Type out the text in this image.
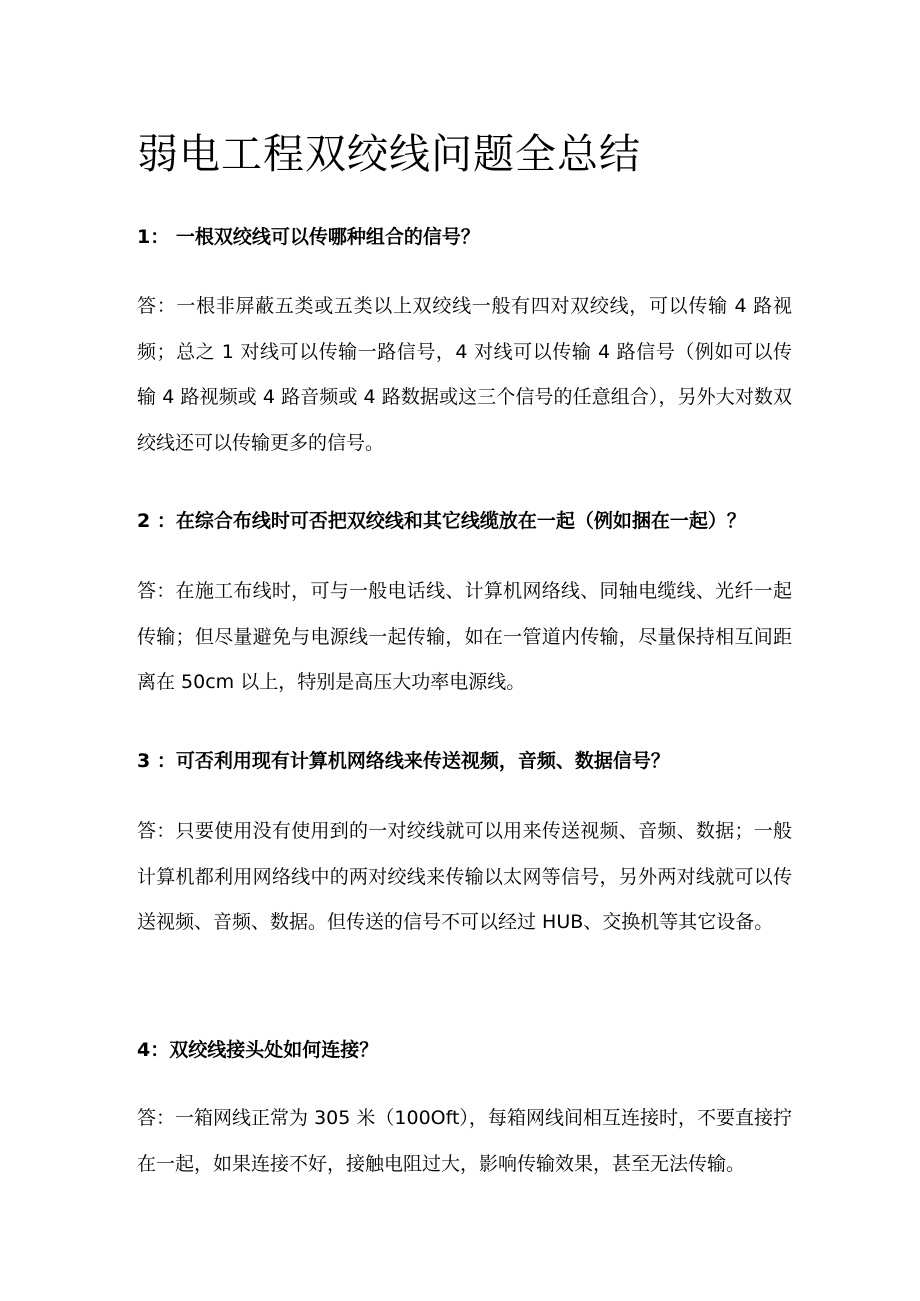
弱电工程双绞线问题全总结

1： 一根双绞线可以传哪种组合的信号？

答：一根非屏蔽五类或五类以上双绞线一般有四对双绞线，可以传输 4 路视频；总之 1 对线可以传输一路信号，4 对线可以传输 4 路信号（例如可以传输 4 路视频或 4 路音频或 4 路数据或这三个信号的任意组合），另外大对数双绞线还可以传输更多的信号。

2 ：在综合布线时可否把双绞线和其它线缆放在一起（例如捆在一起）？

答：在施工布线时，可与一般电话线、计算机网络线、同轴电缆线、光纤一起传输；但尽量避免与电源线一起传输，如在一管道内传输，尽量保持相互间距离在 50cm 以上，特别是高压大功率电源线。

3 ：可否利用现有计算机网络线来传送视频，音频、数据信号？

答：只要使用没有使用到的一对绞线就可以用来传送视频、音频、数据；一般计算机都利用网络线中的两对绞线来传输以太网等信号，另外两对线就可以传送视频、音频、数据。但传送的信号不可以经过 HUB、交换机等其它设备。

4：双绞线接头处如何连接？

答：一箱网线正常为 305 米（100Oft），每箱网线间相互连接时，不要直接拧在一起，如果连接不好，接触电阻过大，影响传输效果，甚至无法传输。
